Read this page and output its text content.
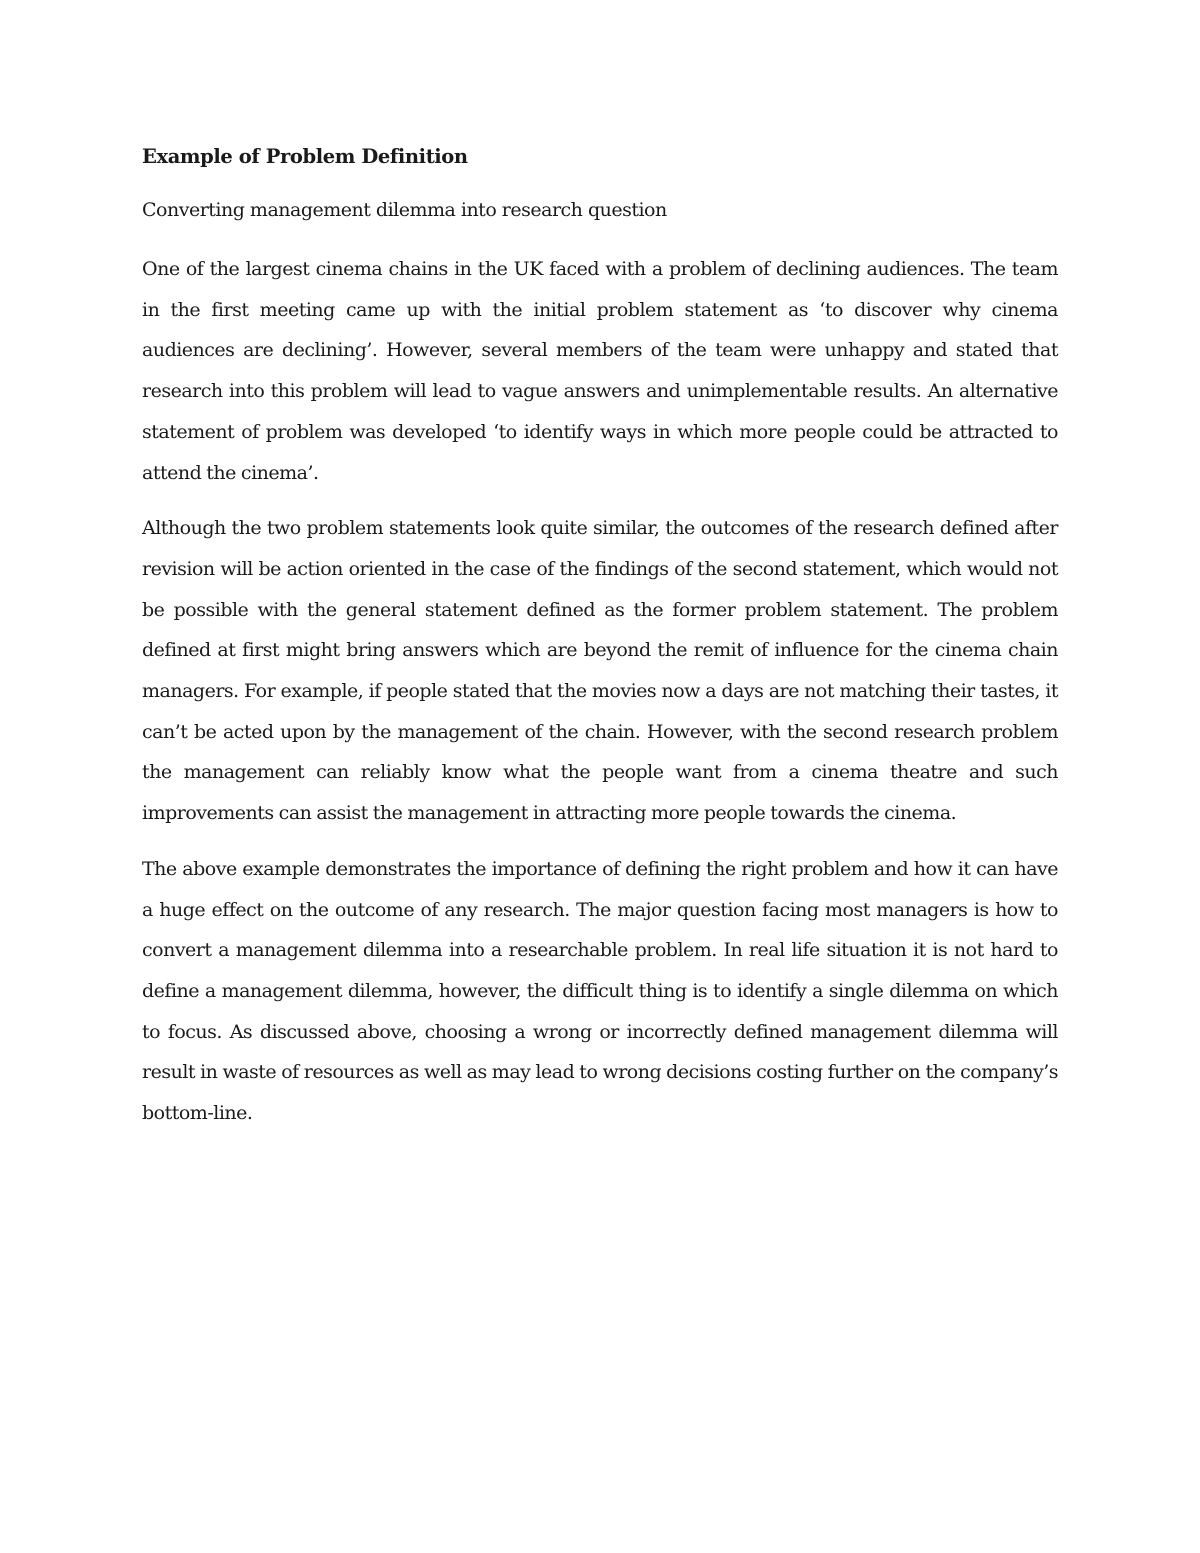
Example of Problem Definition
Converting management dilemma into research question

One of the largest cinema chains in the UK faced with a problem of declining audiences. The team in the first meeting came up with the initial problem statement as ‘to discover why cinema audiences are declining’. However, several members of the team were unhappy and stated that research into this problem will lead to vague answers and unimplementable results. An alternative statement of problem was developed ‘to identify ways in which more people could be attracted to attend the cinema’.

Although the two problem statements look quite similar, the outcomes of the research defined after revision will be action oriented in the case of the findings of the second statement, which would not be possible with the general statement defined as the former problem statement. The problem defined at first might bring answers which are beyond the remit of influence for the cinema chain managers. For example, if people stated that the movies now a days are not matching their tastes, it can’t be acted upon by the management of the chain. However, with the second research problem the management can reliably know what the people want from a cinema theatre and such improvements can assist the management in attracting more people towards the cinema.

The above example demonstrates the importance of defining the right problem and how it can have a huge effect on the outcome of any research. The major question facing most managers is how to convert a management dilemma into a researchable problem. In real life situation it is not hard to define a management dilemma, however, the difficult thing is to identify a single dilemma on which to focus. As discussed above, choosing a wrong or incorrectly defined management dilemma will result in waste of resources as well as may lead to wrong decisions costing further on the company’s bottom-line.
